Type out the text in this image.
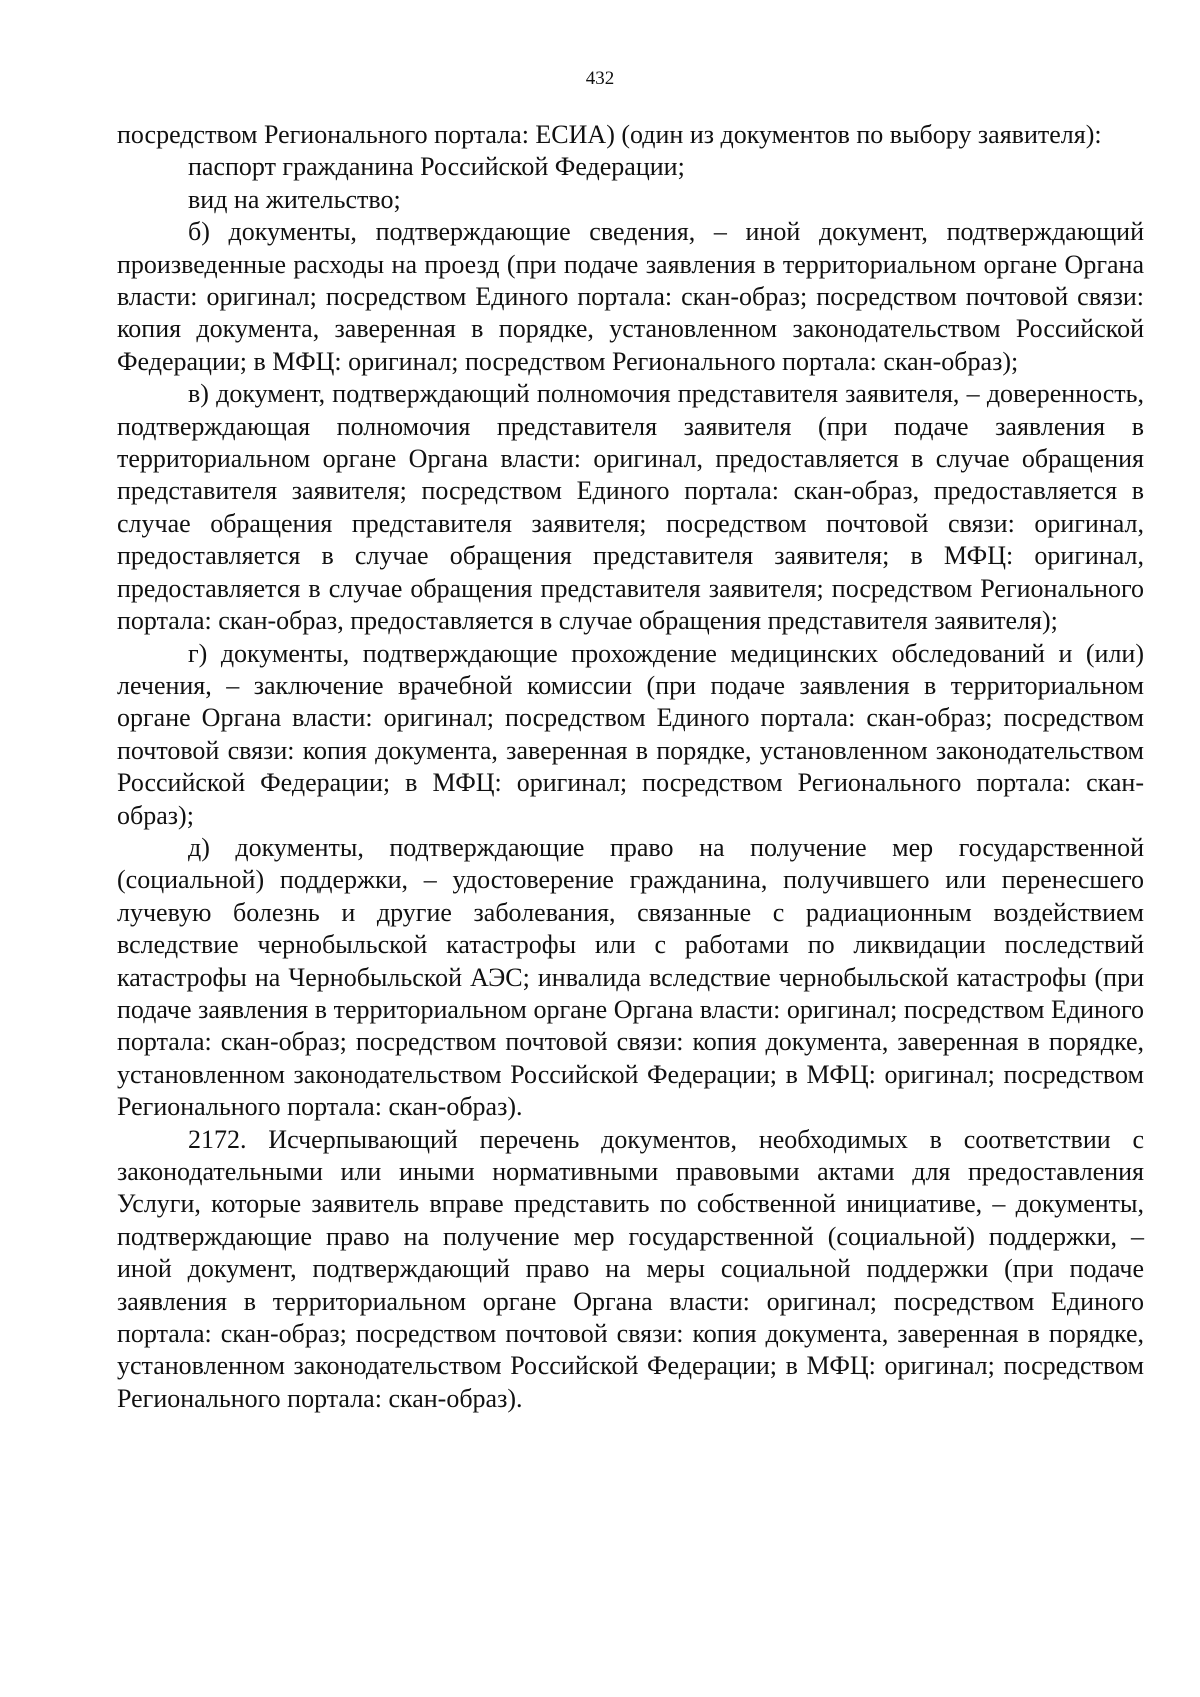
432

посредством Регионального портала: ЕСИА) (один из документов по выбору заявителя):

паспорт гражданина Российской Федерации;

вид на жительство;

б) документы, подтверждающие сведения, – иной документ, подтверждающий произведенные расходы на проезд (при подаче заявления в территориальном органе Органа власти: оригинал; посредством Единого портала: скан-образ; посредством почтовой связи: копия документа, заверенная в порядке, установленном законодательством Российской Федерации; в МФЦ: оригинал; посредством Регионального портала: скан-образ);

в) документ, подтверждающий полномочия представителя заявителя, – доверенность, подтверждающая полномочия представителя заявителя (при подаче заявления в территориальном органе Органа власти: оригинал, предоставляется в случае обращения представителя заявителя; посредством Единого портала: скан-образ, предоставляется в случае обращения представителя заявителя; посредством почтовой связи: оригинал, предоставляется в случае обращения представителя заявителя; в МФЦ: оригинал, предоставляется в случае обращения представителя заявителя; посредством Регионального портала: скан-образ, предоставляется в случае обращения представителя заявителя);

г) документы, подтверждающие прохождение медицинских обследований и (или) лечения, – заключение врачебной комиссии (при подаче заявления в территориальном органе Органа власти: оригинал; посредством Единого портала: скан-образ; посредством почтовой связи: копия документа, заверенная в порядке, установленном законодательством Российской Федерации; в МФЦ: оригинал; посредством Регионального портала: скан-образ);

д) документы, подтверждающие право на получение мер государственной (социальной) поддержки, – удостоверение гражданина, получившего или перенесшего лучевую болезнь и другие заболевания, связанные с радиационным воздействием вследствие чернобыльской катастрофы или с работами по ликвидации последствий катастрофы на Чернобыльской АЭС; инвалида вследствие чернобыльской катастрофы (при подаче заявления в территориальном органе Органа власти: оригинал; посредством Единого портала: скан-образ; посредством почтовой связи: копия документа, заверенная в порядке, установленном законодательством Российской Федерации; в МФЦ: оригинал; посредством Регионального портала: скан-образ).

2172. Исчерпывающий перечень документов, необходимых в соответствии с законодательными или иными нормативными правовыми актами для предоставления Услуги, которые заявитель вправе представить по собственной инициативе, – документы, подтверждающие право на получение мер государственной (социальной) поддержки, – иной документ, подтверждающий право на меры социальной поддержки (при подаче заявления в территориальном органе Органа власти: оригинал; посредством Единого портала: скан-образ; посредством почтовой связи: копия документа, заверенная в порядке, установленном законодательством Российской Федерации; в МФЦ: оригинал; посредством Регионального портала: скан-образ).
